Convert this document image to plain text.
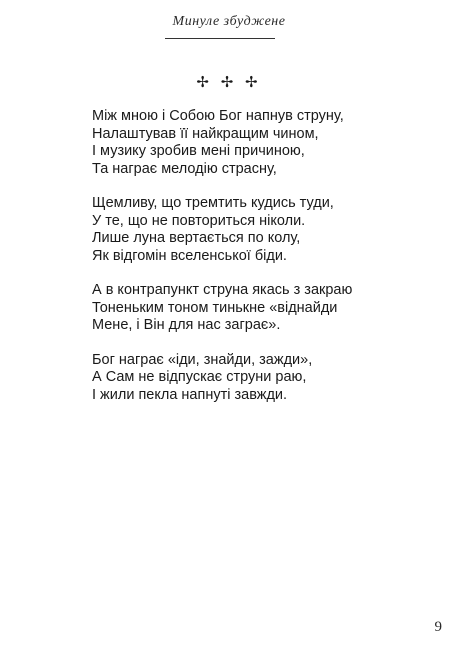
Минуле збуджене
✢ ✢ ✢
Між мною і Собою Бог напнув струну,
Налаштував її найкращим чином,
І музику зробив мені причиною,
Та награє мелодію страсну,
Щемливу, що тремтить кудись туди,
У те, що не повториться ніколи.
Лише луна вертається по колу,
Як відгомін вселенської біди.
А в контрапункт струна якась з закраю
Тоненьким тоном тинькне «віднайди
Мене, і Він для нас заграє».
Бог награє «іди, знайди, зажди»,
А Сам не відпускає струни раю,
І жили пекла напнуті завжди.
9
